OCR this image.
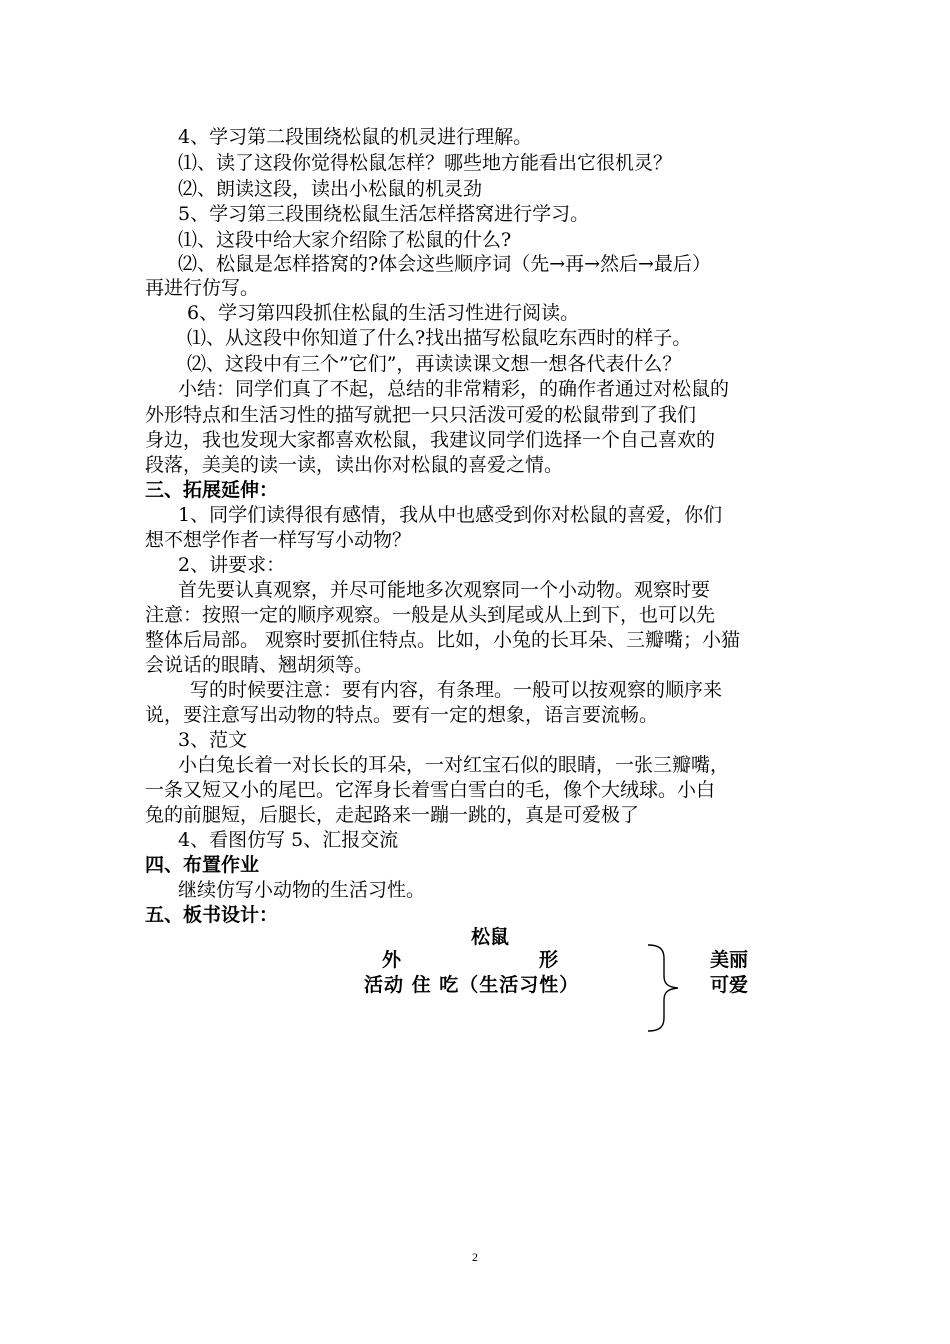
4、学习第二段围绕松鼠的机灵进行理解。
⑴、读了这段你觉得松鼠怎样？哪些地方能看出它很机灵？
⑵、朗读这段，读出小松鼠的机灵劲
5、学习第三段围绕松鼠生活怎样搭窝进行学习。
⑴、这段中给大家介绍除了松鼠的什么?
⑵、松鼠是怎样搭窝的?体会这些顺序词（先→再→然后→最后）
再进行仿写。
6、学习第四段抓住松鼠的生活习性进行阅读。
⑴、从这段中你知道了什么?找出描写松鼠吃东西时的样子。
⑵、这段中有三个”它们”，再读读课文想一想各代表什么？
小结：同学们真了不起，总结的非常精彩，的确作者通过对松鼠的
外形特点和生活习性的描写就把一只只活泼可爱的松鼠带到了我们
身边，我也发现大家都喜欢松鼠，我建议同学们选择一个自己喜欢的
段落，美美的读一读，读出你对松鼠的喜爱之情。
三、拓展延伸：
1、同学们读得很有感情，我从中也感受到你对松鼠的喜爱，你们
想不想学作者一样写写小动物？
2、讲要求：
首先要认真观察，并尽可能地多次观察同一个小动物。观察时要
注意：按照一定的顺序观察。一般是从头到尾或从上到下，也可以先
整体后局部。 观察时要抓住特点。比如，小兔的长耳朵、三瓣嘴；小猫
会说话的眼睛、翘胡须等。
写的时候要注意：要有内容，有条理。一般可以按观察的顺序来
说，要注意写出动物的特点。要有一定的想象，语言要流畅。
3、范文
小白兔长着一对长长的耳朵，一对红宝石似的眼睛，一张三瓣嘴，
一条又短又小的尾巴。它浑身长着雪白雪白的毛，像个大绒球。小白
兔的前腿短，后腿长，走起路来一蹦一跳的，真是可爱极了
4、看图仿写 5、汇报交流
四、布置作业
继续仿写小动物的生活习性。
五、板书设计：
松鼠
外	形
活动 住 吃（生活习性）
美丽
可爱
2
